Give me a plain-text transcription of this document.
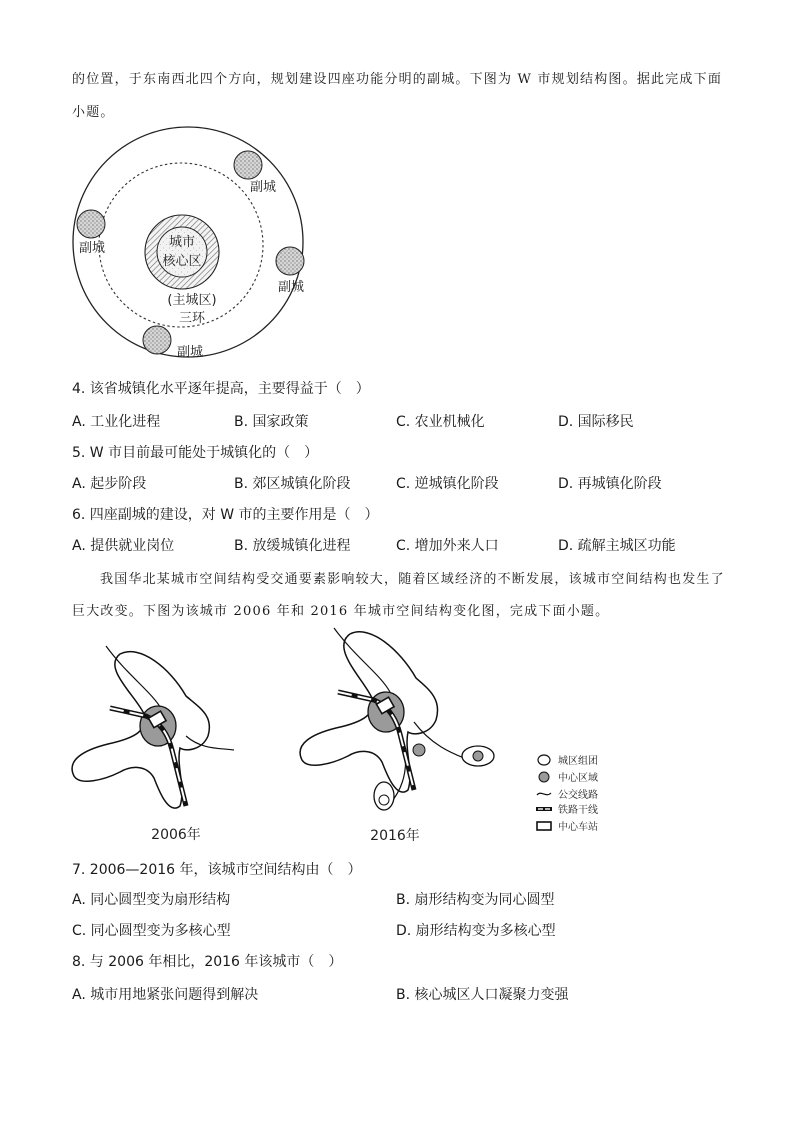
的位置，于东南西北四个方向，规划建设四座功能分明的副城。下图为 W 市规划结构图。据此完成下面
小题。
城市
核心区
(主城区)
三环
副城
副城
副城
副城
4. 该省城镇化水平逐年提高，主要得益于（　）
A. 工业化进程	B. 国家政策	C. 农业机械化	D. 国际移民
5. W 市目前最可能处于城镇化的（　）
A. 起步阶段	B. 郊区城镇化阶段	C. 逆城镇化阶段	D. 再城镇化阶段
6. 四座副城的建设，对 W 市的主要作用是（　）
A. 提供就业岗位	B. 放缓城镇化进程	C. 增加外来人口	D. 疏解主城区功能
我国华北某城市空间结构受交通要素影响较大，随着区域经济的不断发展，该城市空间结构也发生了
巨大改变。下图为该城市 2006 年和 2016 年城市空间结构变化图，完成下面小题。
2006年	2016年
城区组团
中心区域
公交线路
铁路干线
中心车站
7. 2006—2016 年，该城市空间结构由（　）
A. 同心圆型变为扇形结构	B. 扇形结构变为同心圆型
C. 同心圆型变为多核心型	D. 扇形结构变为多核心型
8. 与 2006 年相比，2016 年该城市（　）
A. 城市用地紧张问题得到解决	B. 核心城区人口凝聚力变强
